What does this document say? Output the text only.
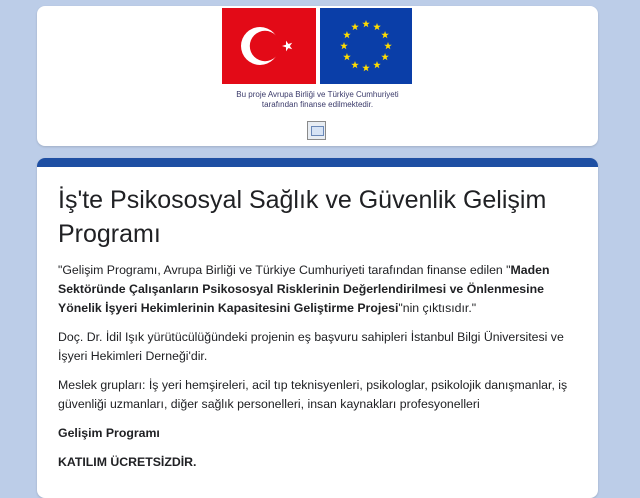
Bu proje Avrupa Birliği ve Türkiye Cumhuriyeti
tarafından finanse edilmektedir.
İş'te Psikososyal Sağlık ve Güvenlik Gelişim Programı

"Gelişim Programı, Avrupa Birliği ve Türkiye Cumhuriyeti tarafından finanse edilen "Maden Sektöründe Çalışanların Psikososyal Risklerinin Değerlendirilmesi ve Önlenmesine Yönelik İşyeri Hekimlerinin Kapasitesini Geliştirme Projesi"nin çıktısıdır."

Doç. Dr. İdil Işık yürütücülüğündeki projenin eş başvuru sahipleri İstanbul Bilgi Üniversitesi ve İşyeri Hekimleri Derneği'dir.

Meslek grupları: İş yeri hemşireleri, acil tıp teknisyenleri, psikologlar, psikolojik danışmanlar, iş güvenliği uzmanları, diğer sağlık personelleri, insan kaynakları profesyonelleri

Gelişim Programı

KATILIM ÜCRETSİZDİR.
